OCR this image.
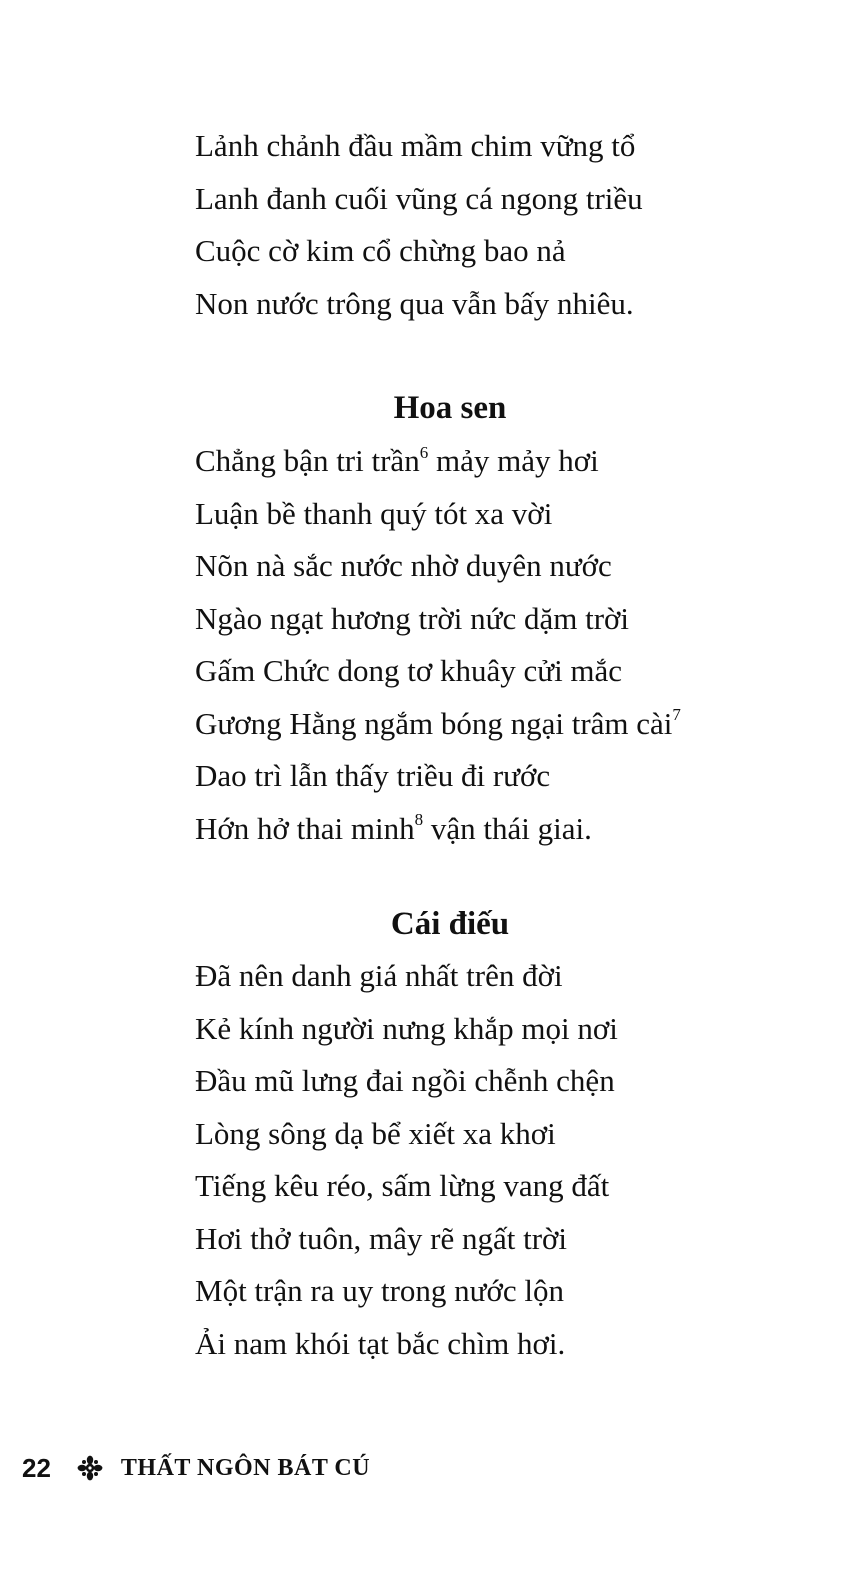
Lảnh chảnh đầu mầm chim vững tổ
Lanh đanh cuối vũng cá ngong triều
Cuộc cờ kim cổ chừng bao nả
Non nước trông qua vẫn bấy nhiêu.
Hoa sen
Chẳng bận tri trần$^6$ mảy mảy hơi
Luận bề thanh quý tót xa vời
Nõn nà sắc nước nhờ duyên nước
Ngào ngạt hương trời nức dặm trời
Gấm Chức dong tơ khuây cửi mắc
Gương Hằng ngắm bóng ngại trâm cài$^7$
Dao trì lẫn thấy triều đi rước
Hớn hở thai minh$^8$ vận thái giai.
Cái điếu
Đã nên danh giá nhất trên đời
Kẻ kính người nưng khắp mọi nơi
Đầu mũ lưng đai ngồi chễnh chện
Lòng sông dạ bể xiết xa khơi
Tiếng kêu réo, sấm lừng vang đất
Hơi thở tuôn, mây rẽ ngất trời
Một trận ra uy trong nước lộn
Ải nam khói tạt bắc chìm hơi.
22	THẤT NGÔN BÁT CÚ
